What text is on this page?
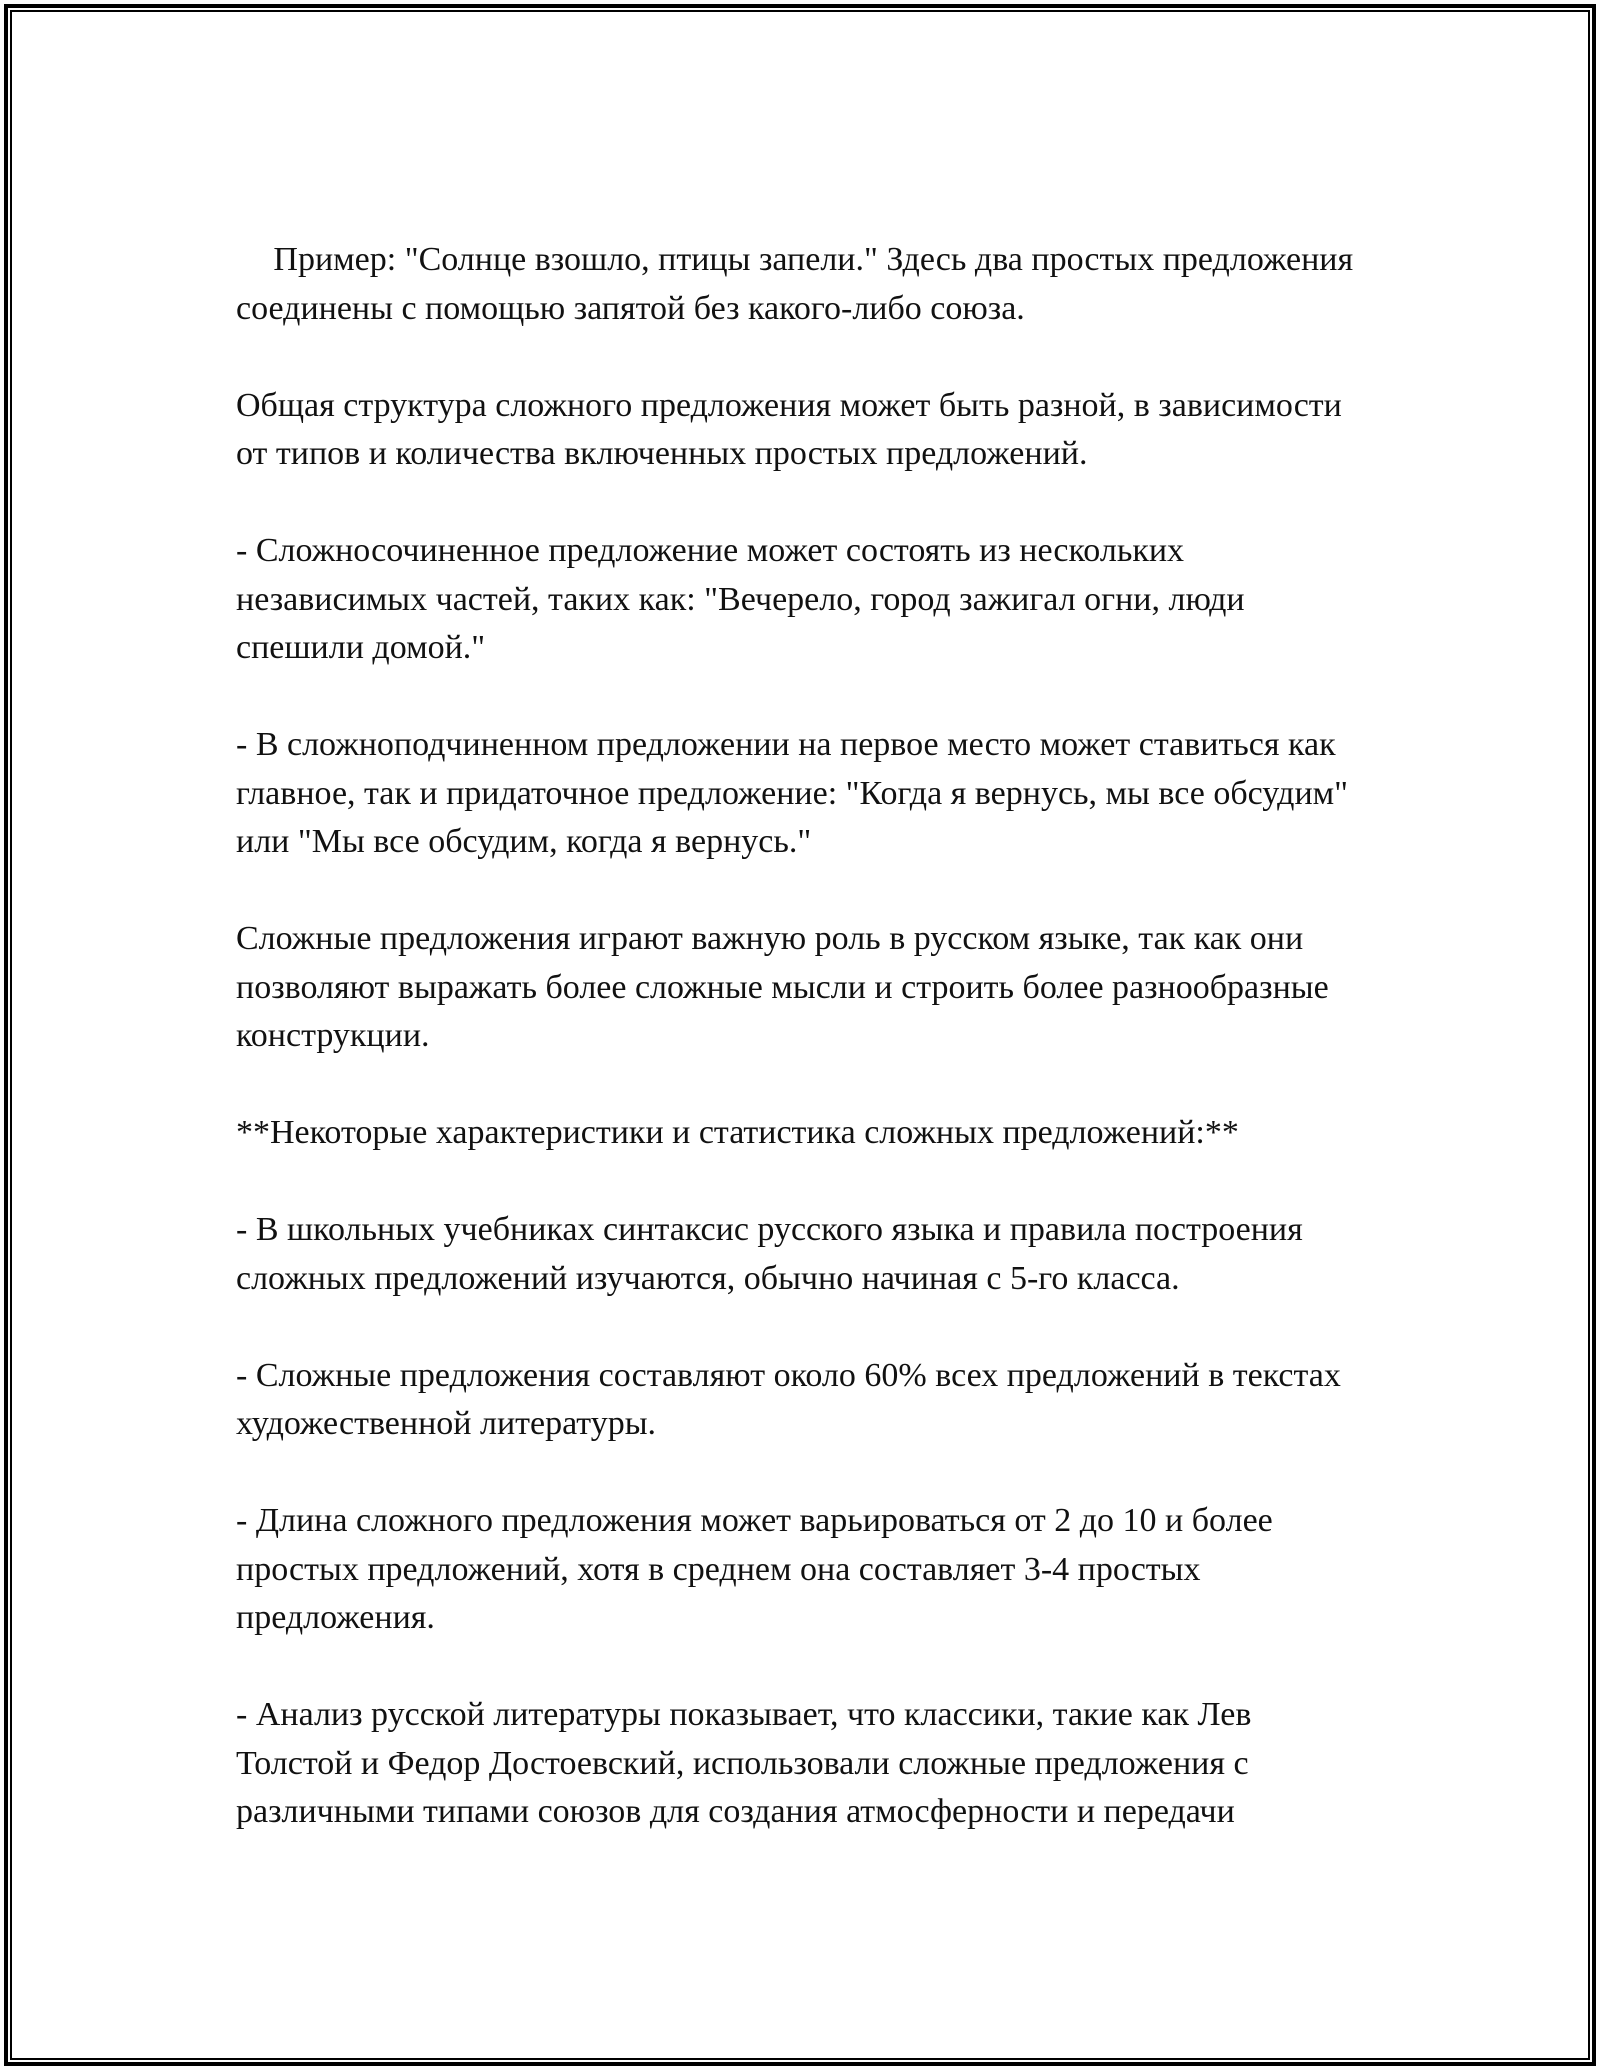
Пример: "Солнце взошло, птицы запели." Здесь два простых предложения соединены с помощью запятой без какого-либо союза.

Общая структура сложного предложения может быть разной, в зависимости от типов и количества включенных простых предложений.

- Сложносочиненное предложение может состоять из нескольких независимых частей, таких как: "Вечерело, город зажигал огни, люди спешили домой."

- В сложноподчиненном предложении на первое место может ставиться как главное, так и придаточное предложение: "Когда я вернусь, мы все обсудим" или "Мы все обсудим, когда я вернусь."

Сложные предложения играют важную роль в русском языке, так как они позволяют выражать более сложные мысли и строить более разнообразные конструкции.

**Некоторые характеристики и статистика сложных предложений:**

- В школьных учебниках синтаксис русского языка и правила построения сложных предложений изучаются, обычно начиная с 5-го класса.

- Сложные предложения составляют около 60% всех предложений в текстах художественной литературы.

- Длина сложного предложения может варьироваться от 2 до 10 и более простых предложений, хотя в среднем она составляет 3-4 простых предложения.

- Анализ русской литературы показывает, что классики, такие как Лев Толстой и Федор Достоевский, использовали сложные предложения с различными типами союзов для создания атмосферности и передачи
